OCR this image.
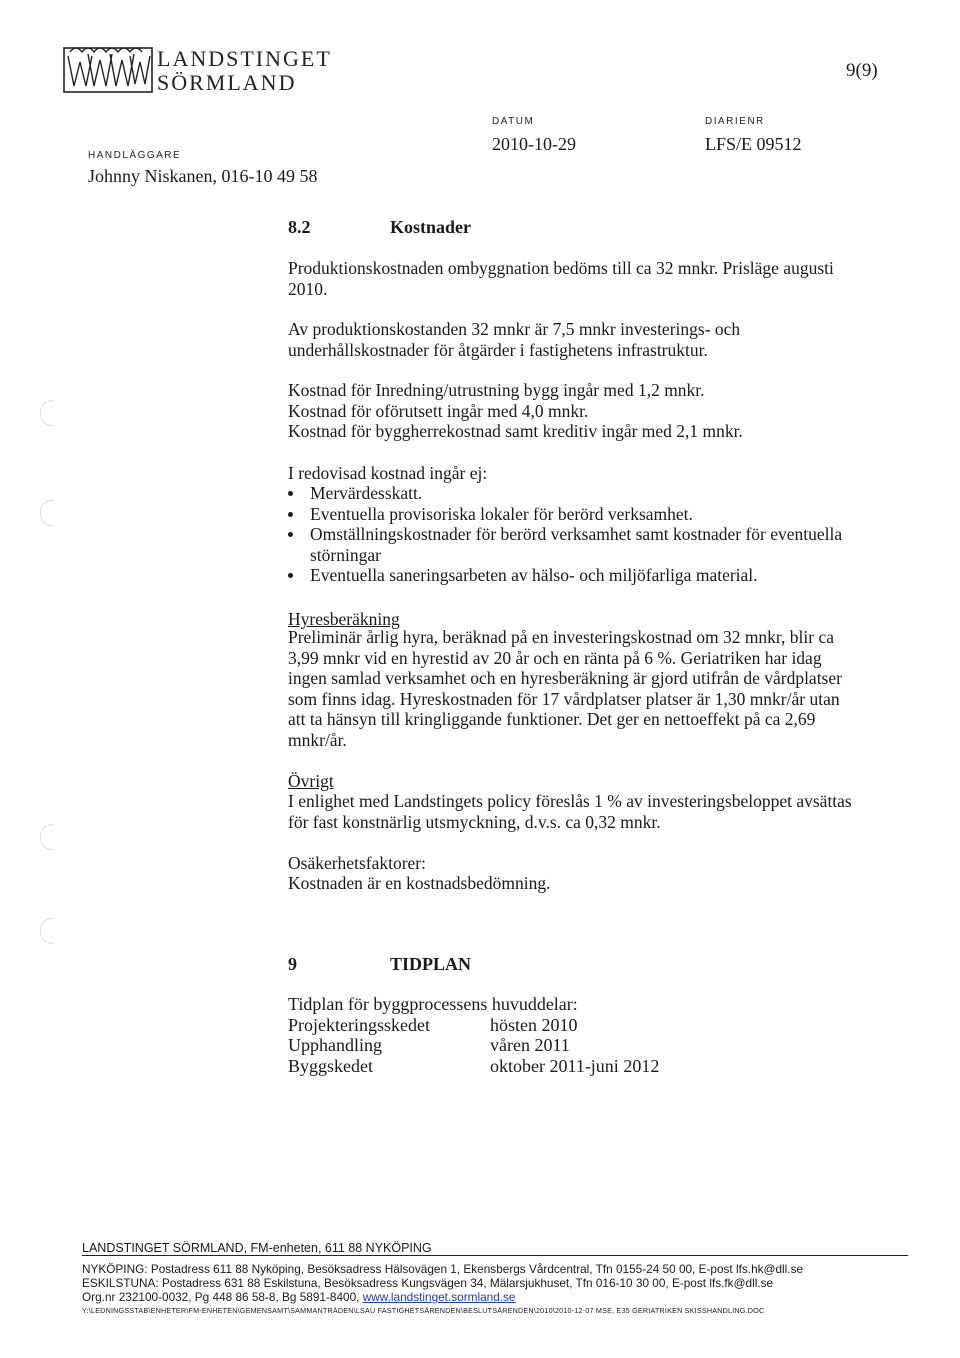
LANDSTINGET
SÖRMLAND	9(9)
DATUM	DIARIENR
2010-10-29	LFS/E 09512
HANDLÄGGARE
Johnny Niskanen, 016-10 49 58
8.2	Kostnader
Produktionskostnaden ombyggnation bedöms till ca 32 mnkr. Prisläge augusti 2010.
Av produktionskostanden 32 mnkr är 7,5 mnkr investerings- och underhållskostnader för åtgärder i fastighetens infrastruktur.
Kostnad för Inredning/utrustning bygg ingår med 1,2 mnkr.
Kostnad för oförutsett ingår med 4,0 mnkr.
Kostnad för byggherrekostnad samt kreditiv ingår med 2,1 mnkr.
I redovisad kostnad ingår ej:
Mervärdesskatt.
Eventuella provisoriska lokaler för berörd verksamhet.
Omställningskostnader för berörd verksamhet samt kostnader för eventuella störningar
Eventuella saneringsarbeten av hälso- och miljöfarliga material.
Hyresberäkning
Preliminär årlig hyra, beräknad på en investeringskostnad om 32 mnkr, blir ca 3,99 mnkr vid en hyrestid av 20 år och en ränta på 6 %. Geriatriken har idag ingen samlad verksamhet och en hyresberäkning är gjord utifrån de vårdplatser som finns idag. Hyreskostnaden för 17 vårdplatser platser är 1,30 mnkr/år utan att ta hänsyn till kringliggande funktioner. Det ger en nettoeffekt på ca 2,69 mnkr/år.
Övrigt
I enlighet med Landstingets policy föreslås 1 % av investeringsbeloppet avsättas för fast konstnärlig utsmyckning, d.v.s. ca 0,32 mnkr.
Osäkerhetsfaktorer:
Kostnaden är en kostnadsbedömning.
9	TIDPLAN
Tidplan för byggprocessens huvuddelar:
Projekteringsskedet	hösten 2010
Upphandling	våren 2011
Byggskedet	oktober 2011-juni 2012
LANDSTINGET SÖRMLAND, FM-enheten, 611 88 NYKÖPING
NYKÖPING: Postadress 611 88 Nyköping, Besöksadress Hälsovägen 1, Ekensbergs Vårdcentral, Tfn 0155-24 50 00, E-post lfs.hk@dll.se
ESKILSTUNA: Postadress 631 88 Eskilstuna, Besöksadress Kungsvägen 34, Mälarsjukhuset, Tfn 016-10 30 00, E-post lfs.fk@dll.se
Org.nr 232100-0032, Pg 448 86 58-8, Bg 5891-8400, www.landstinget.sormland.se
Y:\LEDNINGSSTAB\ENHETER\FM-ENHETEN\GEMENSAMT\SAMMANTRÄDEN\LSAU FASTIGHETSÄRENDEN\BESLUTSÄRENDEN\2010\2010-12-07 MSE, E35 GERIATRIKEN SKISSHANDLING.DOC
